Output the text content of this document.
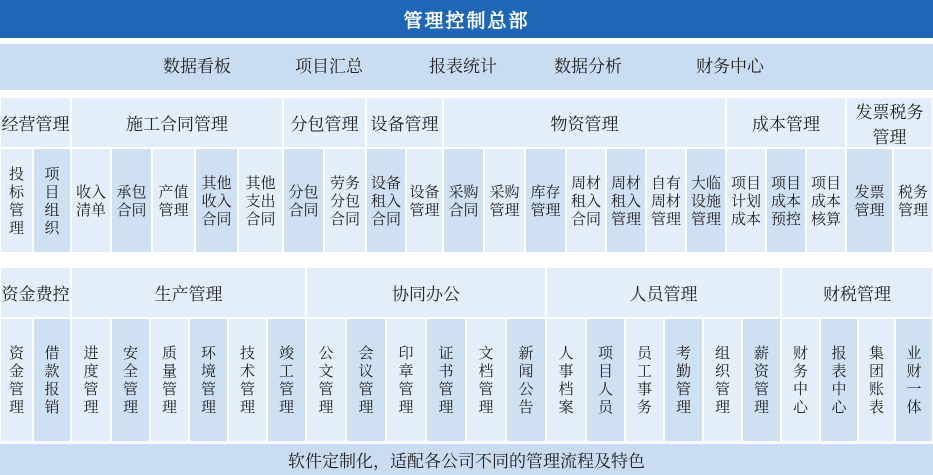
管理控制总部
数据看板	项目汇总	报表统计	数据分析	财务中心
经营管理
投
标
管
理
项
目
组
织
施工合同管理
收入
清单
承包
合同
产值
管理
其他
收入
合同
其他
支出
合同
分包管理
分包
合同
劳务
分包
合同
设备管理
设备
租入
合同
设备
管理
物资管理
采购
合同
采购
管理
库存
管理
周材
租入
合同
周材
租入
管理
自有
周材
管理
大临
设施
管理
成本管理
项目
计划
成本
项目
成本
预控
项目
成本
核算
发票税务
管理
发票
管理
税务
管理
资金费控
资
金
管
理
借
款
报
销
生产管理
进
度
管
理
安
全
管
理
质
量
管
理
环
境
管
理
技
术
管
理
竣
工
管
理
协同办公
公
文
管
理
会
议
管
理
印
章
管
理
证
书
管
理
文
档
管
理
新
闻
公
告
人员管理
人
事
档
案
项
目
人
员
员
工
事
务
考
勤
管
理
组
织
管
理
薪
资
管
理
财税管理
财
务
中
心
报
表
中
心
集
团
账
表
业
财
一
体
软件定制化，适配各公司不同的管理流程及特色
